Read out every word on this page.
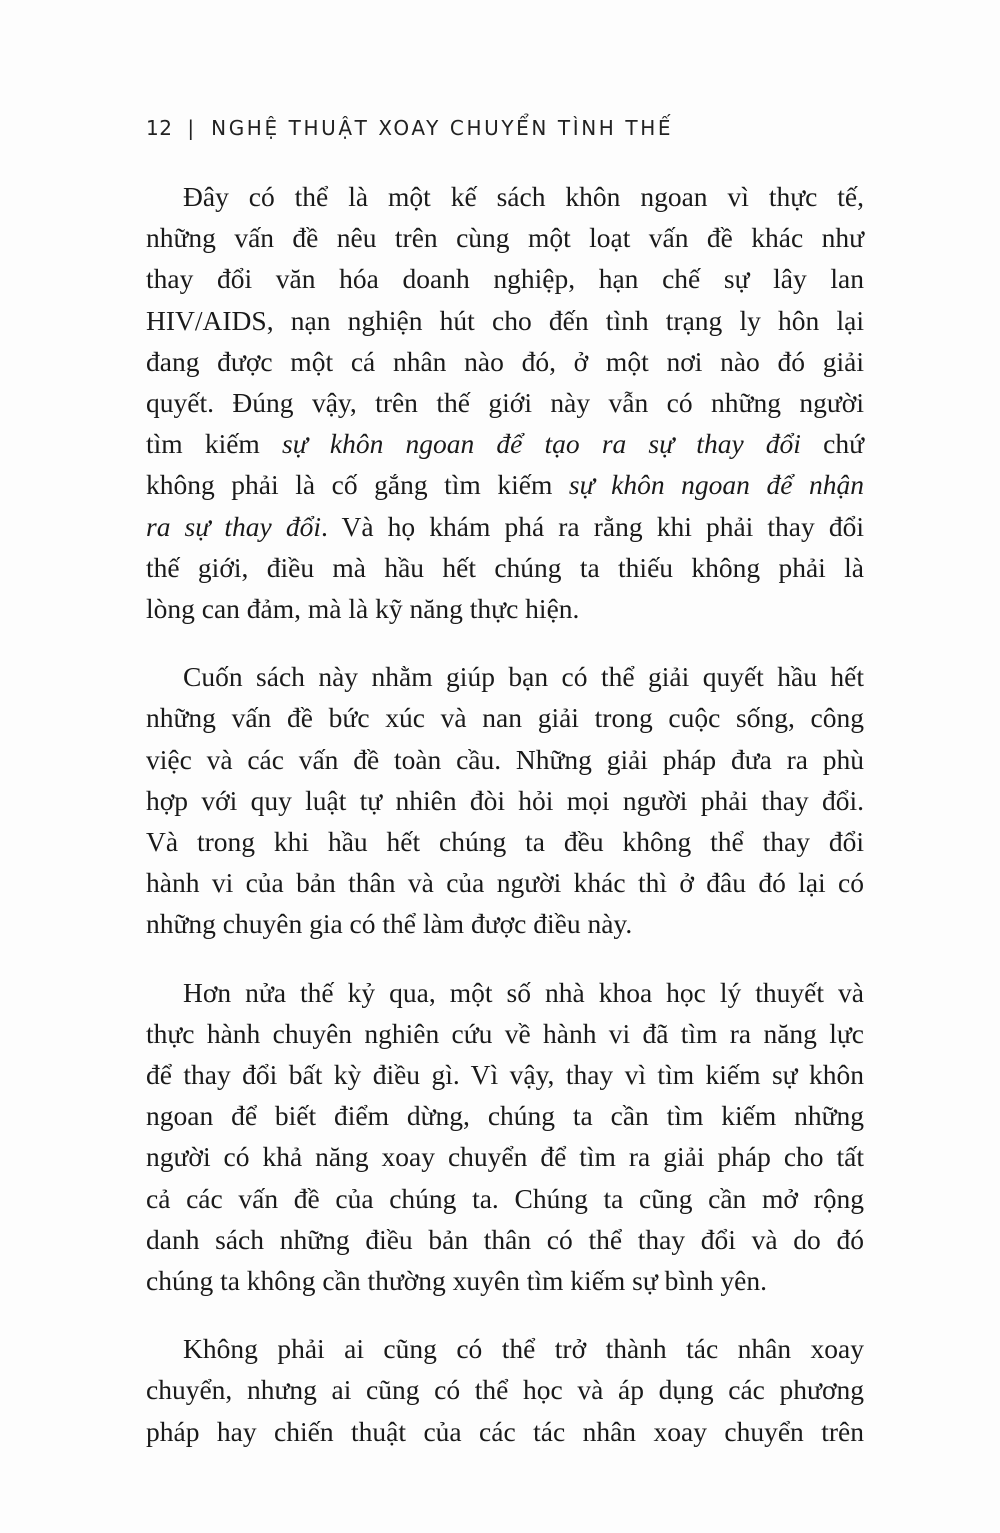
12 | NGHỆ THUẬT XOAY CHUYỂN TÌNH THẾ

Đây có thể là một kế sách khôn ngoan vì thực tế,
những vấn đề nêu trên cùng một loạt vấn đề khác như
thay đổi văn hóa doanh nghiệp, hạn chế sự lây lan
HIV/AIDS, nạn nghiện hút cho đến tình trạng ly hôn lại
đang được một cá nhân nào đó, ở một nơi nào đó giải
quyết. Đúng vậy, trên thế giới này vẫn có những người
tìm kiếm sự khôn ngoan để tạo ra sự thay đổi chứ
không phải là cố gắng tìm kiếm sự khôn ngoan để nhận
ra sự thay đổi. Và họ khám phá ra rằng khi phải thay đổi
thế giới, điều mà hầu hết chúng ta thiếu không phải là
lòng can đảm, mà là kỹ năng thực hiện.

Cuốn sách này nhằm giúp bạn có thể giải quyết hầu hết
những vấn đề bức xúc và nan giải trong cuộc sống, công
việc và các vấn đề toàn cầu. Những giải pháp đưa ra phù
hợp với quy luật tự nhiên đòi hỏi mọi người phải thay đổi.
Và trong khi hầu hết chúng ta đều không thể thay đổi
hành vi của bản thân và của người khác thì ở đâu đó lại có
những chuyên gia có thể làm được điều này.

Hơn nửa thế kỷ qua, một số nhà khoa học lý thuyết và
thực hành chuyên nghiên cứu về hành vi đã tìm ra năng lực
để thay đổi bất kỳ điều gì. Vì vậy, thay vì tìm kiếm sự khôn
ngoan để biết điểm dừng, chúng ta cần tìm kiếm những
người có khả năng xoay chuyển để tìm ra giải pháp cho tất
cả các vấn đề của chúng ta. Chúng ta cũng cần mở rộng
danh sách những điều bản thân có thể thay đổi và do đó
chúng ta không cần thường xuyên tìm kiếm sự bình yên.

Không phải ai cũng có thể trở thành tác nhân xoay
chuyển, nhưng ai cũng có thể học và áp dụng các phương
pháp hay chiến thuật của các tác nhân xoay chuyển trên
